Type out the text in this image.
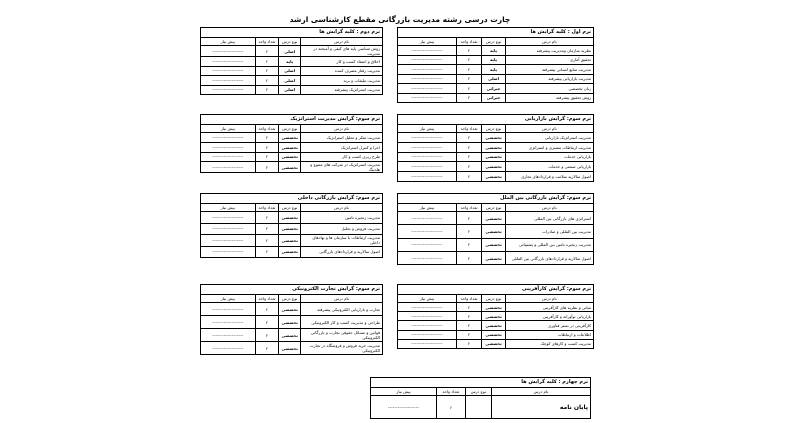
چارت درسی رشته مدیریت بازرگانی مقطع کارشناسی ارشد
ترم اول : کلیه گرایش ها			
نام درس	نوع درس	تعداد واحد	پیش نیاز
نظریه سازمان ومدیریت پیشرفته	پایه	۲	-------------------
تحقیق آماری	پایه	۲	-------------------
مدیریت منابع انسانی پیشرفته	پایه	۲	-------------------
مدیریت بازاریابی پیشرفته	اصلی	۲	-------------------
زبان تخصصی	جبرانی	۲	-------------------
روش تحقیق پیشرفته	جبرانی	۲	-------------------
ترم دوم : کلیه گرایش ها			
نام درس	نوع درس	تعداد واحد	پیش نیاز
روش شناسی پایه های کیفی و آمیخته در مدیریت	اصلی	۲	-------------------
اخلاق و اعتقاد کسب و کار	پایه	۲	-------------------
مدیریت رفتار مصرف کننده	اصلی	۲	-------------------
مدیریت تبلیغات و برند	اصلی	۲	-------------------
مدیریت استراتژیک پیشرفته	اصلی	۲	-------------------
ترم سوم: گرایش بازاریابی			
نام درس	نوع درس	تعداد واحد	پیش نیاز
مدیریت استراتژیک بازاریابی	تخصصی	۲	-------------------
مدیریت ارتباطات مشتری و استراتژی	تخصصی	۲	-------------------
بازاریابی خدمات	تخصصی	۲	-------------------
بازاریابی صنعتی و خدمات	تخصصی	۲	-------------------
اصول سالاریه سلامت و قراردادهای تجاری	تخصصی	۲	-------------------
ترم سوم: گرایش مدیریت استراتژیک			
نام درس	نوع درس	تعداد واحد	پیش نیاز
مدیریت تفکر و تحلیل استراتژیک	تخصصی	۲	-------------------
اجرا و کنترل استراتژیک	تخصصی	۲	-------------------
طرح ریزی کسب و کار	تخصصی	۲	-------------------
مدیریت استراتژیک در شرکت های متنوع و هلدینگ	تخصصی	۲	-------------------
ترم سوم: گرایش بازرگانی بین الملل			
نام درس	نوع درس	تعداد واحد	پیش نیاز
استراتژی های بازرگانی بین المللی	تخصصی	۲	-------------------
مدیریت بین المللی و صادرات	تخصصی	۲	-------------------
مدیریت زنجیره تامین بین المللی و پشتیبانی	تخصصی	۲	-------------------
اصول سالاریه و قراردادهای بازرگانی بین المللی	تخصصی	۲	-------------------
ترم سوم: گرایش بازرگانی داخلی			
نام درس	نوع درس	تعداد واحد	پیش نیاز
مدیریت زنجیره تامین	تخصصی	۲	-------------------
مدیریت فروش و تحلیل	تخصصی	۲	-------------------
مدیریت ارتباطات با سازمان ها و نهادهای داخلی	تخصصی	۲	-------------------
اصول سالاریه و قراردادهای بازرگانی	تخصصی	۲	-------------------
ترم سوم: گرایش کارآفرینی			
نام درس	نوع درس	تعداد واحد	پیش نیاز
مبانی و نظریه های کارآفرینی	تخصصی	۲	-------------------
بازاریابی نوآورانه و کارآفرینی	تخصصی	۲	-------------------
کارآفرینی در بستر فناوری	تخصصی	۲	-------------------
اطلاعات و ارتباطات	تخصصی	۲	-------------------
مدیریت کسب و کارهای کوچک	تخصصی	۲	-------------------
ترم سوم: گرایش تجارت الکترونیکی			
نام درس	نوع درس	تعداد واحد	پیش نیاز
تجارت و بازاریابی الکترونیکی پیشرفته	تخصصی	۲	-------------------
طراحی و مدیریت کسب و کار الکترونیکی	تخصصی	۲	-------------------
قوانین و مسائل حقوقی تجارت و بازرگانی الکترونیکی	تخصصی	۲	-------------------
مدیریت خرید فروش و فروشگاه در تجارت الکترونیکی	تخصصی	۲	-------------------
ترم چهارم : کلیه گرایش ها			
نام درس	نوع درس	تعداد واحد	پیش نیاز
پایان نامه		۶	-------------------
